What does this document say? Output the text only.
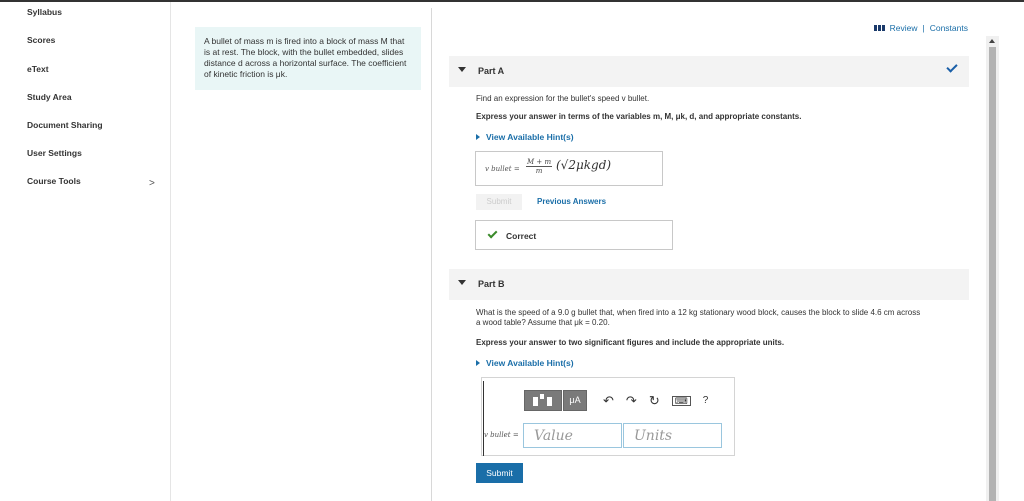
Syllabus
Scores
eText
Study Area
Document Sharing
User Settings
Course Tools	>
A bullet of mass m is fired into a block of mass M that is at rest. The block, with the bullet embedded, slides distance d across a horizontal surface. The coefficient of kinetic friction is μk.
Review | Constants
Part A
Find an expression for the bullet's speed v bullet.
Express your answer in terms of the variables m, M, μk, d, and appropriate constants.
View Available Hint(s)
v bullet = $\frac{M + m}{m} (√2\mu kgd)$
Submit	Previous Answers
Correct
Part B
What is the speed of a 9.0 g bullet that, when fired into a 12 kg stationary wood block, causes the block to slide 4.6 cm across a wood table? Assume that μk = 0.20.
Express your answer to two significant figures and include the appropriate units.
View Available Hint(s)
μA	↶ ↷ ↻	⌨	?
v bullet =
Value
Units
Submit
